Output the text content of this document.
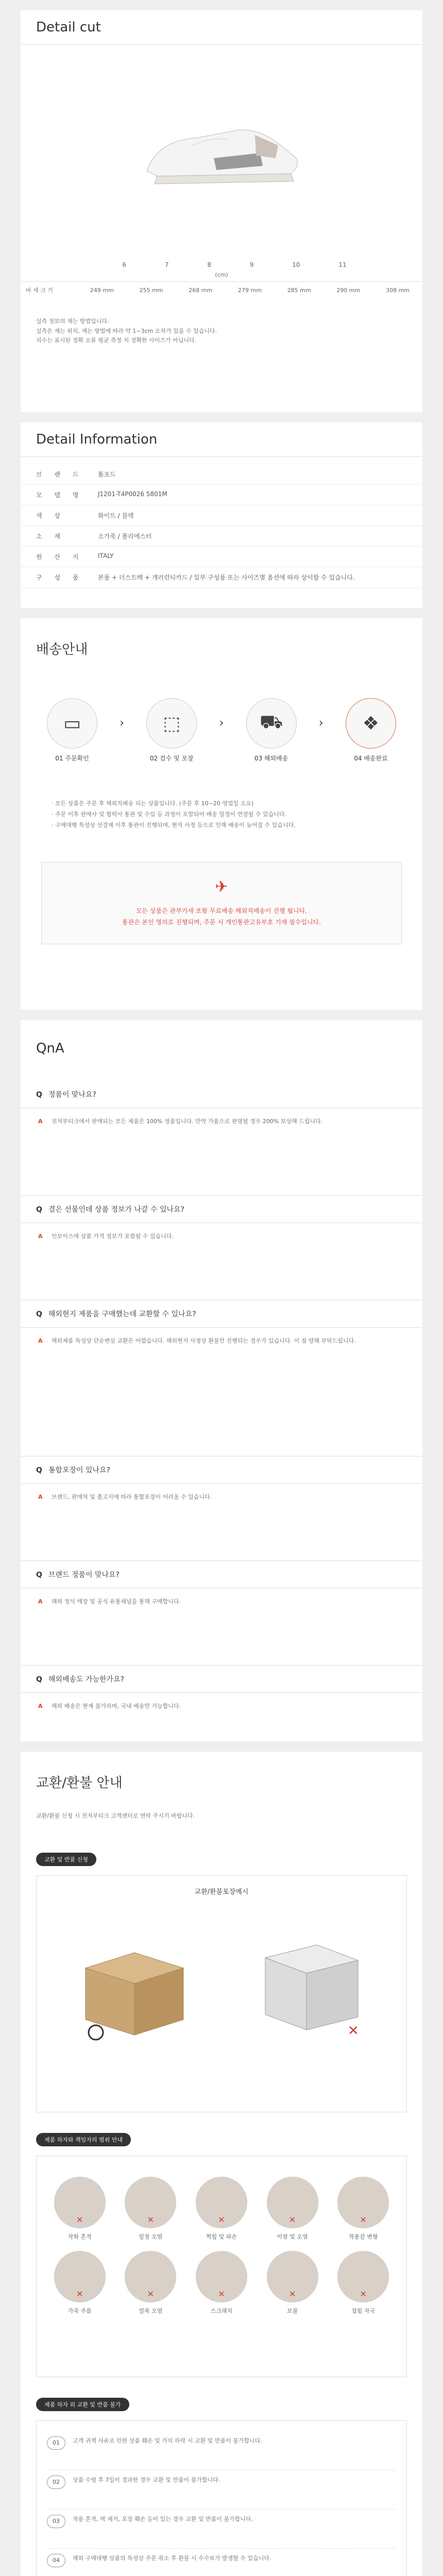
Detail cut
6	7	8	9	10	11
(cm)
바 세 크 기	249 mm	255 mm	268 mm	279 mm	285 mm	290 mm	308 mm
실측 정보의 재는 방법입니다.
실측은 재는 위치, 재는 방법에 따라 약 1~3cm 오차가 있을 수 있습니다.
치수는 표시된 정확 오류 평균 측정 치 정확한 사이즈가 아닙니다.
Detail Information
브 랜 드	톰포드
모 델 명	J1201-T4P0026 5801M
색 상	화이트 / 블랙
소 재	소가죽 / 폴리에스터
원 산 지	ITALY
구 성 품	본품 + 더스트백 + 개러런티카드 / 일부 구성품 또는 사이즈별 옵션에 따라 상이할 수 있습니다.
배송안내
▭
01 주문확인
›	⬚
02 검수 및 포장
›	⛟
03 해외배송
›	❖
04 배송완료
· 모든 상품은 주문 후 해외직배송 되는 상품입니다. (주문 후 10~20 영업일 소요)
· 주문 이후 판매사 및 협력사 통관 및 수입 등 과정이 포함되어 배송 일정이 연장될 수 있습니다.
· 구매대행 특성상 선결제 이후 통관이 진행되며, 현지 사정 등으로 인해 배송이 늦어질 수 있습니다.
✈
모든 상품은 관부가세 포함 무료배송 해외직배송이 진행 됩니다.
통관은 본인 명의로 진행되며, 주문 시 개인통관고유부호 기재 필수입니다.
QnA
Q 정품이 맞나요?
A 진저부티크에서 판매되는 모든 제품은 100% 정품입니다. 만약 가품으로 판명될 경우 200% 보상해 드립니다.
Q 결은 선물인데 상품 정보가 나갈 수 있나요?
A 인보이스에 상품 가격 정보가 포함될 수 있습니다.
Q 해외현지 제품을 구매했는데 교환할 수 있나요?
A 해외제품 특성상 단순변심 교환은 어렵습니다. 해외현지 사정상 환불만 진행되는 경우가 있습니다. 이 점 양해 부탁드립니다.
Q 통합포장이 있나요?
A 브랜드, 판매처 및 출고지에 따라 통합포장이 어려울 수 있습니다.
Q 브랜드 정품이 맞나요?
A 해외 정식 매장 및 공식 유통채널을 통해 구매합니다.
Q 해외배송도 가능한가요?
A 해외 배송은 현재 불가하며, 국내 배송만 가능합니다.
교환/환불 안내
교환/환불 신청 시 진저부티크 고객센터로 연락 주시기 바랍니다.
교환 및 반품 신청
교환/환불포장예시
✕
제품 하자와 책임자의 범위 안내
✕
착화 흔적
✕	밑창 오염
✕	찍힘 및 파손
✕	이염 및 오염
✕	착용감 변형
✕
가죽 주름
✕	얼룩 오염
✕	스크래치
✕	보풀
✕	접힘 자국
제품 하자 외 교환 및 반품 불가
01	고객 귀책 사유로 인한 상품 훼손 및 가치 하락 시 교환 및 반품이 불가합니다.
02	상품 수령 후 7일이 경과한 경우 교환 및 반품이 불가합니다.
03	착용 흔적, 택 제거, 포장 훼손 등이 있는 경우 교환 및 반품이 불가합니다.
04	해외 구매대행 상품의 특성상 주문 취소 후 환불 시 수수료가 발생할 수 있습니다.
